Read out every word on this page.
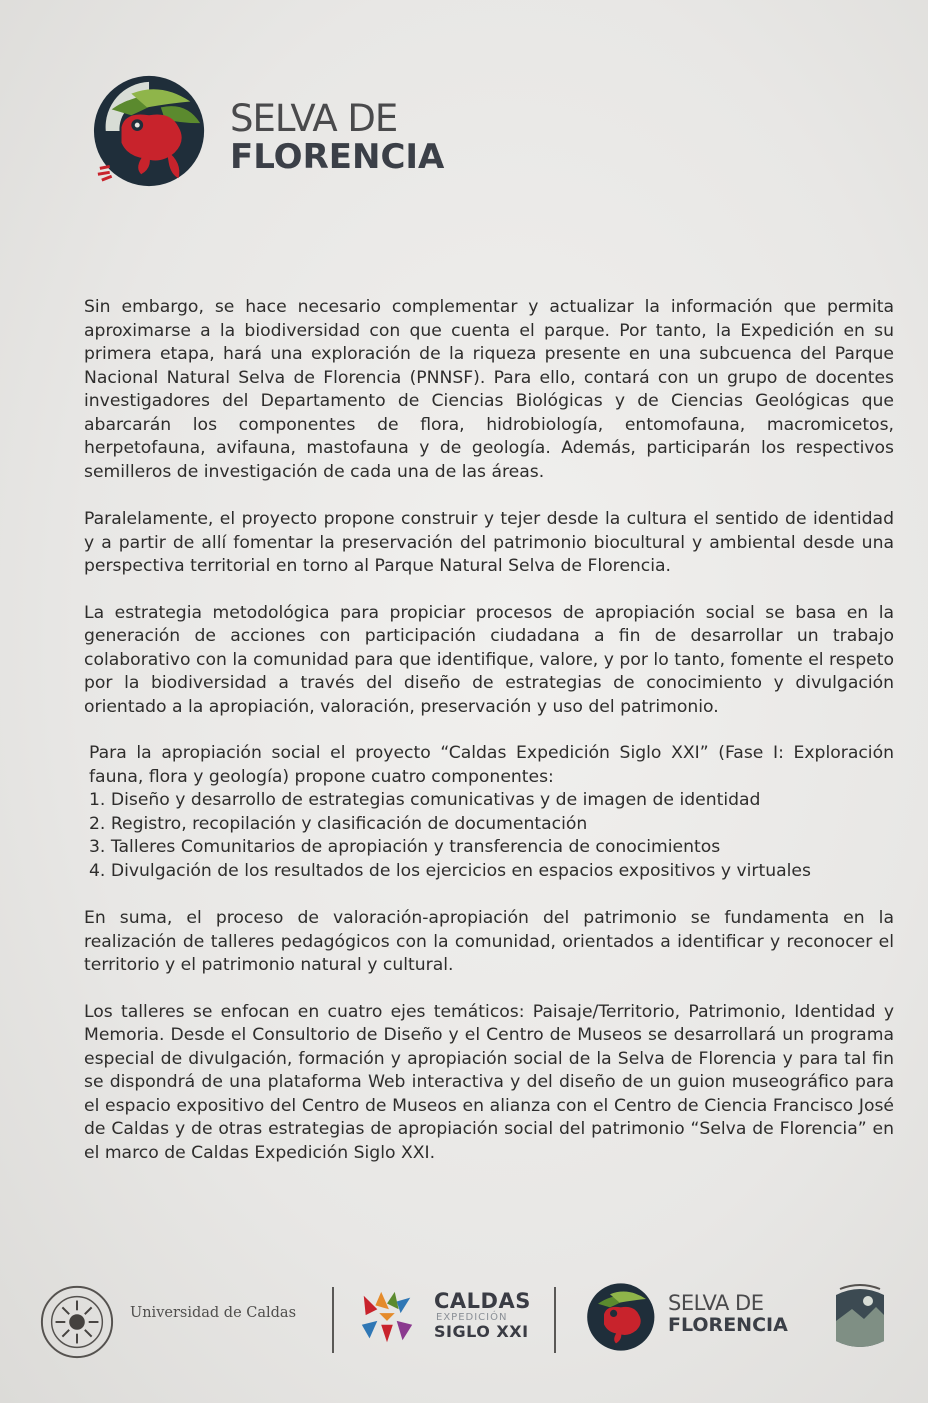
SELVA DE
FLORENCIA

Sin embargo, se hace necesario complementar y actualizar la información que permita aproximarse a la biodiversidad con que cuenta el parque. Por tanto, la Expedición en su primera etapa, hará una exploración de la riqueza presente en una subcuenca del Parque Nacional Natural Selva de Florencia (PNNSF). Para ello, contará con un grupo de docentes investigadores del Departamento de Ciencias Biológicas y de Ciencias Geológicas que abarcarán los componentes de flora, hidrobiología, entomofauna, macromicetos, herpetofauna, avifauna, mastofauna y de geología. Además, participarán los respectivos semilleros de investigación de cada una de las áreas.

Paralelamente, el proyecto propone construir y tejer desde la cultura el sentido de identidad y a partir de allí fomentar la preservación del patrimonio biocultural y ambiental desde una perspectiva territorial en torno al Parque Natural Selva de Florencia.

La estrategia metodológica para propiciar procesos de apropiación social se basa en la generación de acciones con participación ciudadana a fin de desarrollar un trabajo colaborativo con la comunidad para que identifique, valore, y por lo tanto, fomente el respeto por la biodiversidad a través del diseño de estrategias de conocimiento y divulgación orientado a la apropiación, valoración, preservación y uso del patrimonio.

Para la apropiación social el proyecto “Caldas Expedición Siglo XXI” (Fase I: Exploración fauna, flora y geología) propone cuatro componentes:
1. Diseño y desarrollo de estrategias comunicativas y de imagen de identidad
2. Registro, recopilación y clasificación de documentación
3. Talleres Comunitarios de apropiación y transferencia de conocimientos
4. Divulgación de los resultados de los ejercicios en espacios expositivos y virtuales

En suma, el proceso de valoración-apropiación del patrimonio se fundamenta en la realización de talleres pedagógicos con la comunidad, orientados a identificar y reconocer el territorio y el patrimonio natural y cultural.

Los talleres se enfocan en cuatro ejes temáticos: Paisaje/Territorio, Patrimonio, Identidad y Memoria. Desde el Consultorio de Diseño y el Centro de Museos se desarrollará un programa especial de divulgación, formación y apropiación social de la Selva de Florencia y para tal fin se dispondrá de una plataforma Web interactiva y del diseño de un guion museográfico para el espacio expositivo del Centro de Museos en alianza con el Centro de Ciencia Francisco José de Caldas y de otras estrategias de apropiación social del patrimonio “Selva de Florencia” en el marco de Caldas Expedición Siglo XXI.

Universidad de Caldas	CALDAS
EXPEDICIÓN
SIGLO XXI
SELVA DE
FLORENCIA
